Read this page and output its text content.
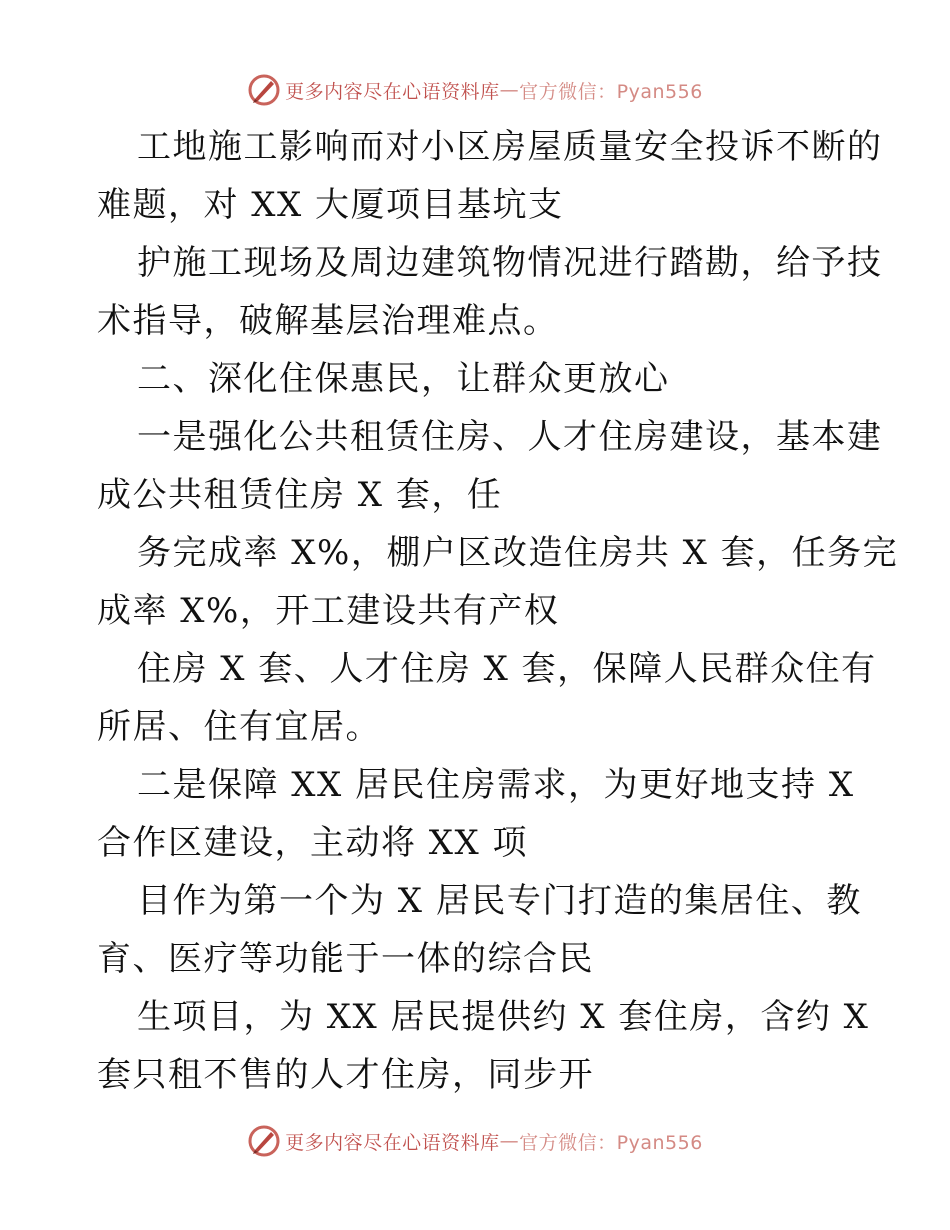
更多内容尽在心语资料库 — 官方微信：Pyan556
工地施工影响而对小区房屋质量安全投诉不断的
难题，对 XX 大厦项目基坑支
护施工现场及周边建筑物情况进行踏勘，给予技
术指导，破解基层治理难点。
二、深化住保惠民，让群众更放心
一是强化公共租赁住房、人才住房建设，基本建
成公共租赁住房 X 套，任
务完成率 X%，棚户区改造住房共 X 套，任务完
成率 X%，开工建设共有产权
住房 X 套、人才住房 X 套，保障人民群众住有
所居、住有宜居。
二是保障 XX 居民住房需求，为更好地支持 X
合作区建设，主动将 XX 项
目作为第一个为 X 居民专门打造的集居住、教
育、医疗等功能于一体的综合民
生项目，为 XX 居民提供约 X 套住房，含约 X
套只租不售的人才住房，同步开
更多内容尽在心语资料库 — 官方微信：Pyan556
